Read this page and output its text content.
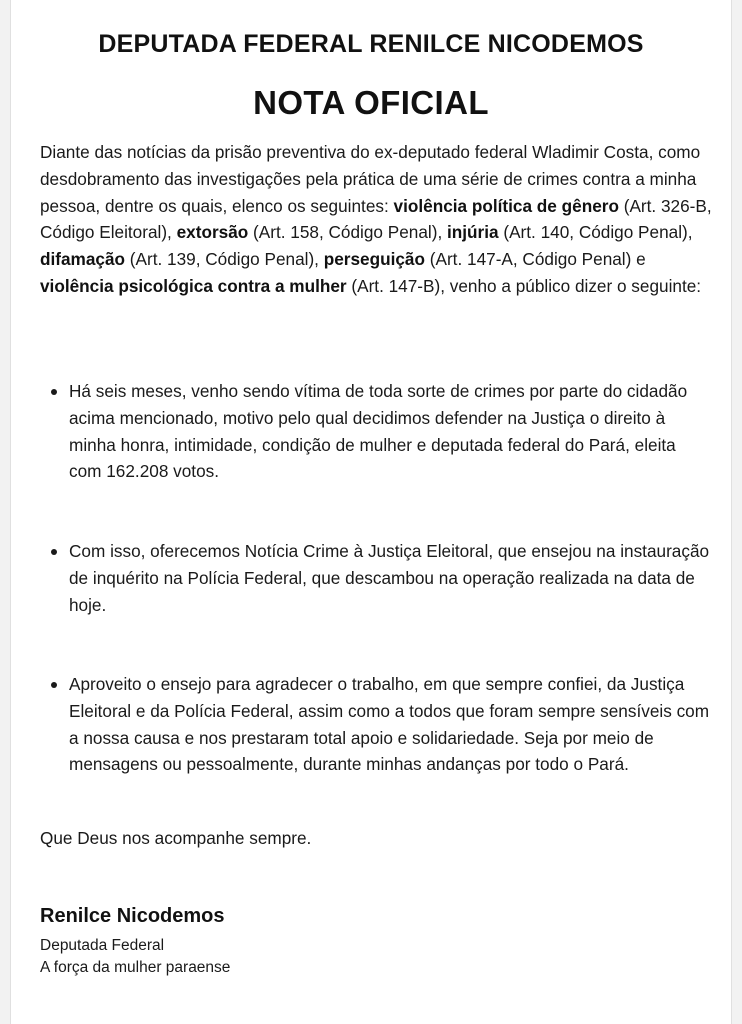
DEPUTADA FEDERAL RENILCE NICODEMOS
NOTA OFICIAL

Diante das notícias da prisão preventiva do ex-deputado federal Wladimir Costa, como desdobramento das investigações pela prática de uma série de crimes contra a minha pessoa, dentre os quais, elenco os seguintes: violência política de gênero (Art. 326-B, Código Eleitoral), extorsão (Art. 158, Código Penal), injúria (Art. 140, Código Penal), difamação (Art. 139, Código Penal), perseguição (Art. 147-A, Código Penal) e violência psicológica contra a mulher (Art. 147-B), venho a público dizer o seguinte:

Há seis meses, venho sendo vítima de toda sorte de crimes por parte do cidadão acima mencionado, motivo pelo qual decidimos defender na Justiça o direito à minha honra, intimidade, condição de mulher e deputada federal do Pará, eleita com 162.208 votos.
Com isso, oferecemos Notícia Crime à Justiça Eleitoral, que ensejou na instauração de inquérito na Polícia Federal, que descambou na operação realizada na data de hoje.
Aproveito o ensejo para agradecer o trabalho, em que sempre confiei, da Justiça Eleitoral e da Polícia Federal, assim como a todos que foram sempre sensíveis com a nossa causa e nos prestaram total apoio e solidariedade. Seja por meio de mensagens ou pessoalmente, durante minhas andanças por todo o Pará.

Que Deus nos acompanhe sempre.

Renilce Nicodemos
Deputada Federal
A força da mulher paraense
